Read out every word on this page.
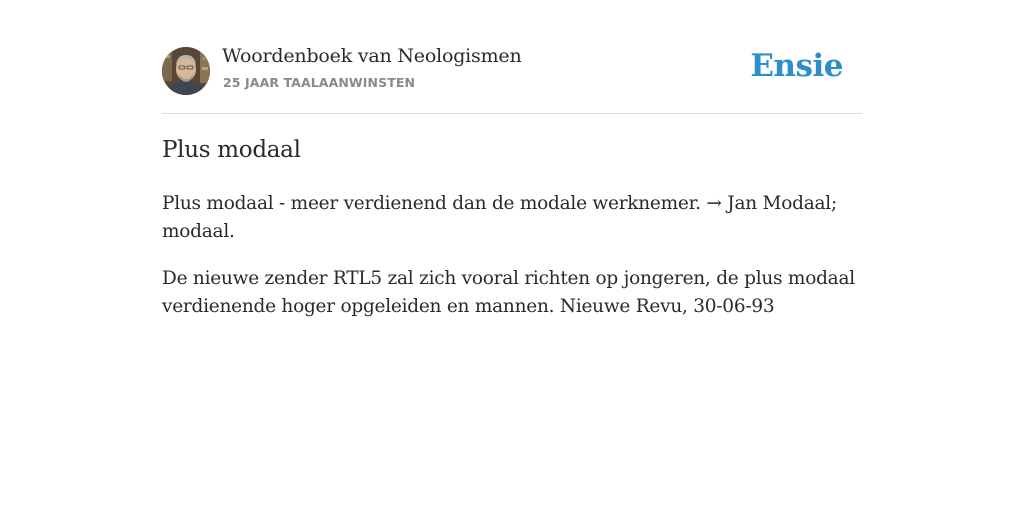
Woordenboek van Neologismen
25 JAAR TAALAANWINSTEN	Ensie
Plus modaal
Plus modaal - meer verdienend dan de modale werknemer. → Jan Modaal; modaal.
De nieuwe zender RTL5 zal zich vooral richten op jongeren, de plus modaal verdienende hoger opgeleiden en mannen. Nieuwe Revu, 30-06-93
